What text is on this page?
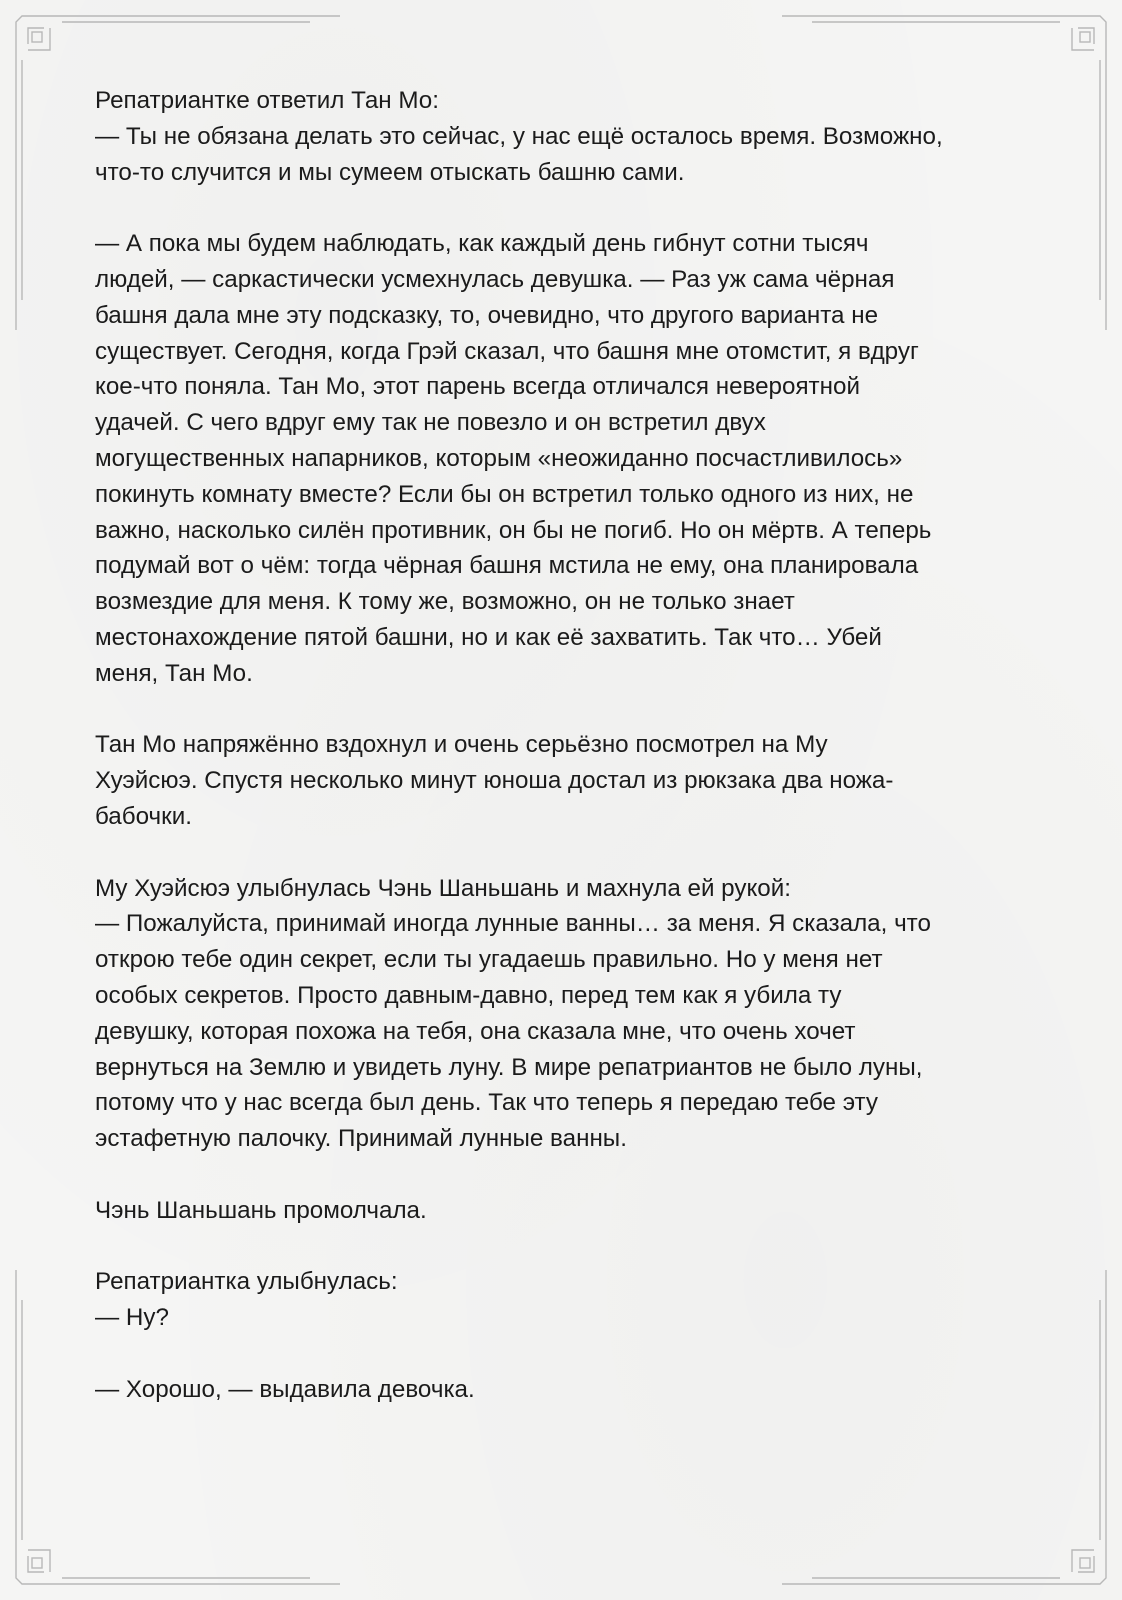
Репатриантке ответил Тан Мо:
— Ты не обязана делать это сейчас, у нас ещё осталось время. Возможно,
что-то случится и мы сумеем отыскать башню сами.
— А пока мы будем наблюдать, как каждый день гибнут сотни тысяч
людей, — саркастически усмехнулась девушка. — Раз уж сама чёрная
башня дала мне эту подсказку, то, очевидно, что другого варианта не
существует. Сегодня, когда Грэй сказал, что башня мне отомстит, я вдруг
кое-что поняла. Тан Мо, этот парень всегда отличался невероятной
удачей. С чего вдруг ему так не повезло и он встретил двух
могущественных напарников, которым «неожиданно посчастливилось»
покинуть комнату вместе? Если бы он встретил только одного из них, не
важно, насколько силён противник, он бы не погиб. Но он мёртв. А теперь
подумай вот о чём: тогда чёрная башня мстила не ему, она планировала
возмездие для меня. К тому же, возможно, он не только знает
местонахождение пятой башни, но и как её захватить. Так что… Убей
меня, Тан Мо.
Тан Мо напряжённо вздохнул и очень серьёзно посмотрел на Му
Хуэйсюэ. Спустя несколько минут юноша достал из рюкзака два ножа-
бабочки.
Му Хуэйсюэ улыбнулась Чэнь Шаньшань и махнула ей рукой:
— Пожалуйста, принимай иногда лунные ванны… за меня. Я сказала, что
открою тебе один секрет, если ты угадаешь правильно. Но у меня нет
особых секретов. Просто давным-давно, перед тем как я убила ту
девушку, которая похожа на тебя, она сказала мне, что очень хочет
вернуться на Землю и увидеть луну. В мире репатриантов не было луны,
потому что у нас всегда был день. Так что теперь я передаю тебе эту
эстафетную палочку. Принимай лунные ванны.
Чэнь Шаньшань промолчала.
Репатриантка улыбнулась:
— Ну?
— Хорошо, — выдавила девочка.
